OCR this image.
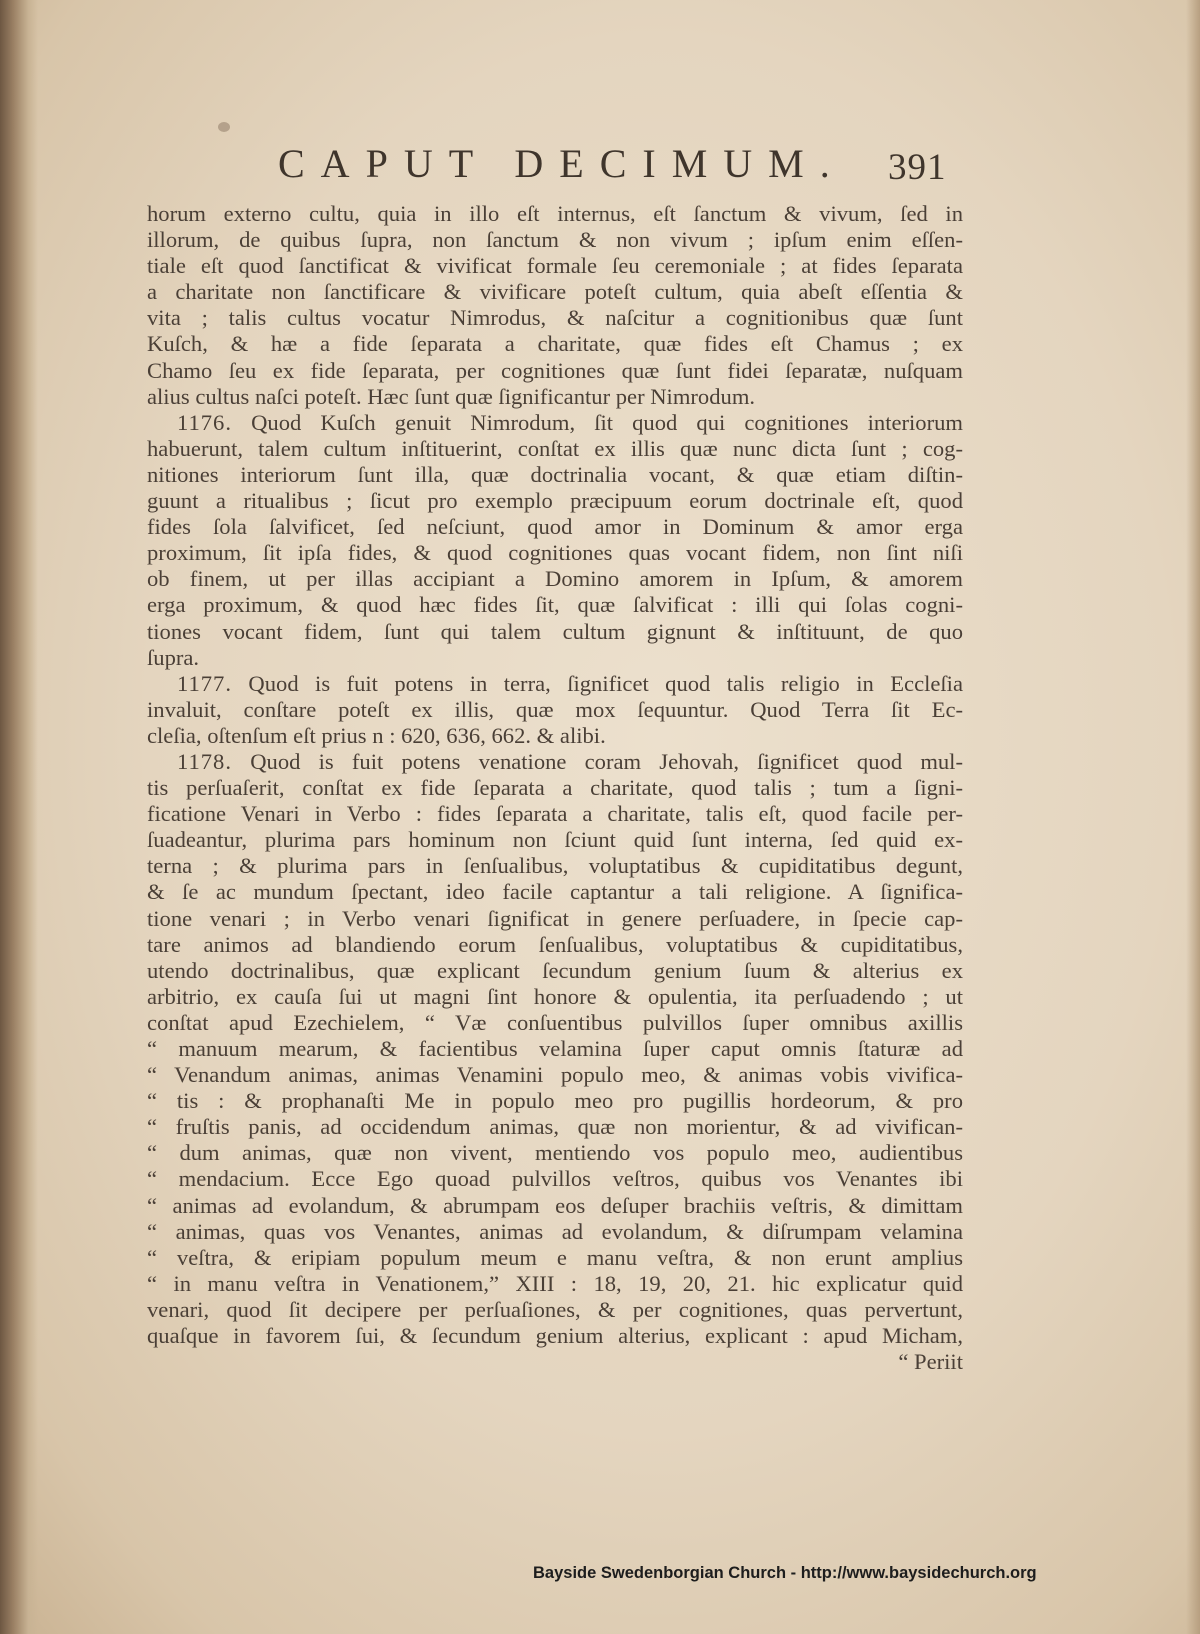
CAPUT DECIMUM. 391
horum externo cultu, quia in illo eſt internus, eſt ſanctum & vivum, ſed in
illorum, de quibus ſupra, non ſanctum & non vivum ; ipſum enim eſſen-
tiale eſt quod ſanctificat & vivificat formale ſeu ceremoniale ; at fides ſeparata
a charitate non ſanctificare & vivificare poteſt cultum, quia abeſt eſſentia &
vita ; talis cultus vocatur Nimrodus, & naſcitur a cognitionibus quæ ſunt
Kuſch, & hæ a fide ſeparata a charitate, quæ fides eſt Chamus ; ex
Chamo ſeu ex fide ſeparata, per cognitiones quæ ſunt fidei ſeparatæ, nuſquam
alius cultus naſci poteſt. Hæc ſunt quæ ſignificantur per Nimrodum.
1176. Quod Kuſch genuit Nimrodum, ſit quod qui cognitiones interiorum
habuerunt, talem cultum inſtituerint, conſtat ex illis quæ nunc dicta ſunt ; cog-
nitiones interiorum ſunt illa, quæ doctrinalia vocant, & quæ etiam diſtin-
guunt a ritualibus ; ſicut pro exemplo præcipuum eorum doctrinale eſt, quod
fides ſola ſalvificet, ſed neſciunt, quod amor in Dominum & amor erga
proximum, ſit ipſa fides, & quod cognitiones quas vocant fidem, non ſint niſi
ob finem, ut per illas accipiant a Domino amorem in Ipſum, & amorem
erga proximum, & quod hæc fides ſit, quæ ſalvificat : illi qui ſolas cogni-
tiones vocant fidem, ſunt qui talem cultum gignunt & inſtituunt, de quo
ſupra.
1177. Quod is fuit potens in terra, ſignificet quod talis religio in Eccleſia
invaluit, conſtare poteſt ex illis, quæ mox ſequuntur. Quod Terra ſit Ec-
cleſia, oſtenſum eſt prius n : 620, 636, 662. & alibi.
1178. Quod is fuit potens venatione coram Jehovah, ſignificet quod mul-
tis perſuaſerit, conſtat ex fide ſeparata a charitate, quod talis ; tum a ſigni-
ficatione Venari in Verbo : fides ſeparata a charitate, talis eſt, quod facile per-
ſuadeantur, plurima pars hominum non ſciunt quid ſunt interna, ſed quid ex-
terna ; & plurima pars in ſenſualibus, voluptatibus & cupiditatibus degunt,
& ſe ac mundum ſpectant, ideo facile captantur a tali religione. A ſignifica-
tione venari ; in Verbo venari ſignificat in genere perſuadere, in ſpecie cap-
tare animos ad blandiendo eorum ſenſualibus, voluptatibus & cupiditatibus,
utendo doctrinalibus, quæ explicant ſecundum genium ſuum & alterius ex
arbitrio, ex cauſa ſui ut magni ſint honore & opulentia, ita perſuadendo ; ut
conſtat apud Ezechielem, “ Væ conſuentibus pulvillos ſuper omnibus axillis
“ manuum mearum, & facientibus velamina ſuper caput omnis ſtaturæ ad
“ Venandum animas, animas Venamini populo meo, & animas vobis vivifica-
“ tis : & prophanaſti Me in populo meo pro pugillis hordeorum, & pro
“ fruſtis panis, ad occidendum animas, quæ non morientur, & ad vivifican-
“ dum animas, quæ non vivent, mentiendo vos populo meo, audientibus
“ mendacium. Ecce Ego quoad pulvillos veſtros, quibus vos Venantes ibi
“ animas ad evolandum, & abrumpam eos deſuper brachiis veſtris, & dimittam
“ animas, quas vos Venantes, animas ad evolandum, & diſrumpam velamina
“ veſtra, & eripiam populum meum e manu veſtra, & non erunt amplius
“ in manu veſtra in Venationem,” XIII : 18, 19, 20, 21. hic explicatur quid
venari, quod ſit decipere per perſuaſiones, & per cognitiones, quas pervertunt,
quaſque in favorem ſui, & ſecundum genium alterius, explicant : apud Micham,
“ Periit
Bayside Swedenborgian Church - http://www.baysidechurch.org
